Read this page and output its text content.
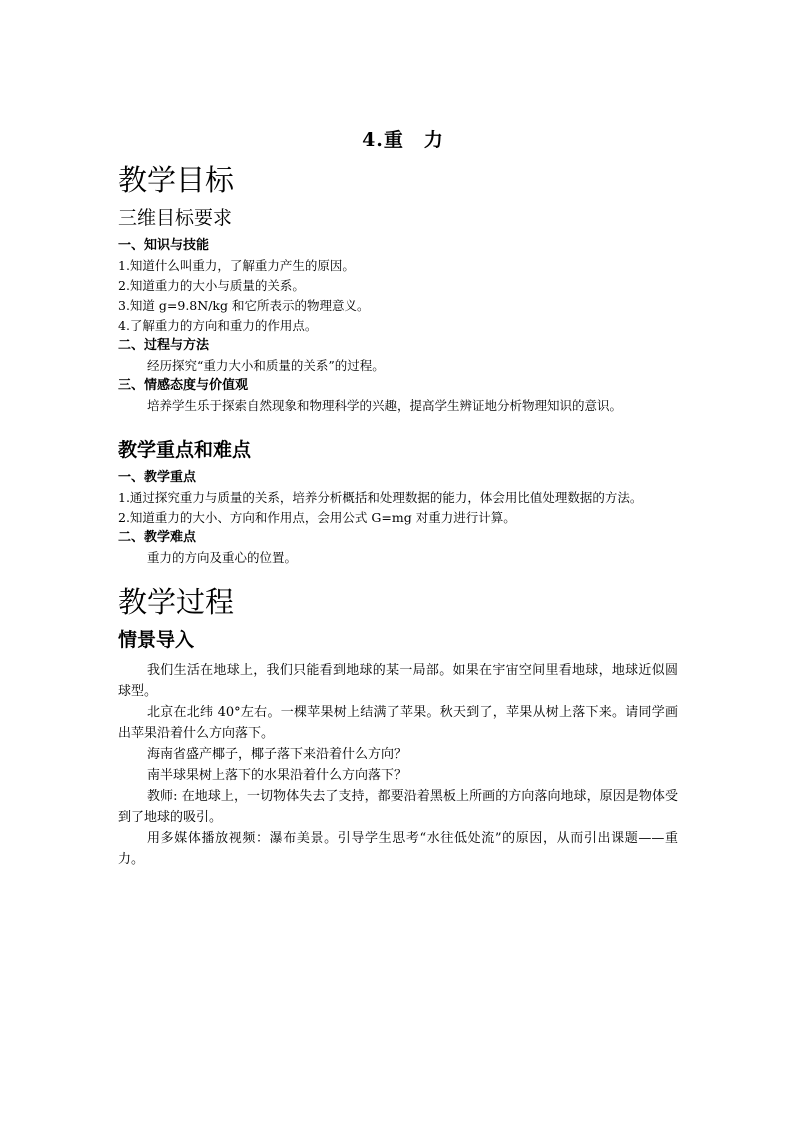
4.重　力
教学目标
三维目标要求
一、知识与技能
1.知道什么叫重力，了解重力产生的原因。
2.知道重力的大小与质量的关系。
3.知道 g=9.8N/kg 和它所表示的物理意义。
4.了解重力的方向和重力的作用点。
二、过程与方法
经历探究“重力大小和质量的关系”的过程。
三、情感态度与价值观
培养学生乐于探索自然现象和物理科学的兴趣，提高学生辨证地分析物理知识的意识。
教学重点和难点
一、教学重点
1.通过探究重力与质量的关系，培养分析概括和处理数据的能力，体会用比值处理数据的方法。
2.知道重力的大小、方向和作用点，会用公式 G=mg 对重力进行计算。
二、教学难点
重力的方向及重心的位置。
教学过程
情景导入
我们生活在地球上，我们只能看到地球的某一局部。如果在宇宙空间里看地球，地球近似圆球型。
北京在北纬 40°左右。一棵苹果树上结满了苹果。秋天到了，苹果从树上落下来。请同学画出苹果沿着什么方向落下。
海南省盛产椰子，椰子落下来沿着什么方向？
南半球果树上落下的水果沿着什么方向落下？
教师: 在地球上，一切物体失去了支持，都要沿着黑板上所画的方向落向地球，原因是物体受到了地球的吸引。
用多媒体播放视频：瀑布美景。引导学生思考“水往低处流”的原因，从而引出课题——重力。
